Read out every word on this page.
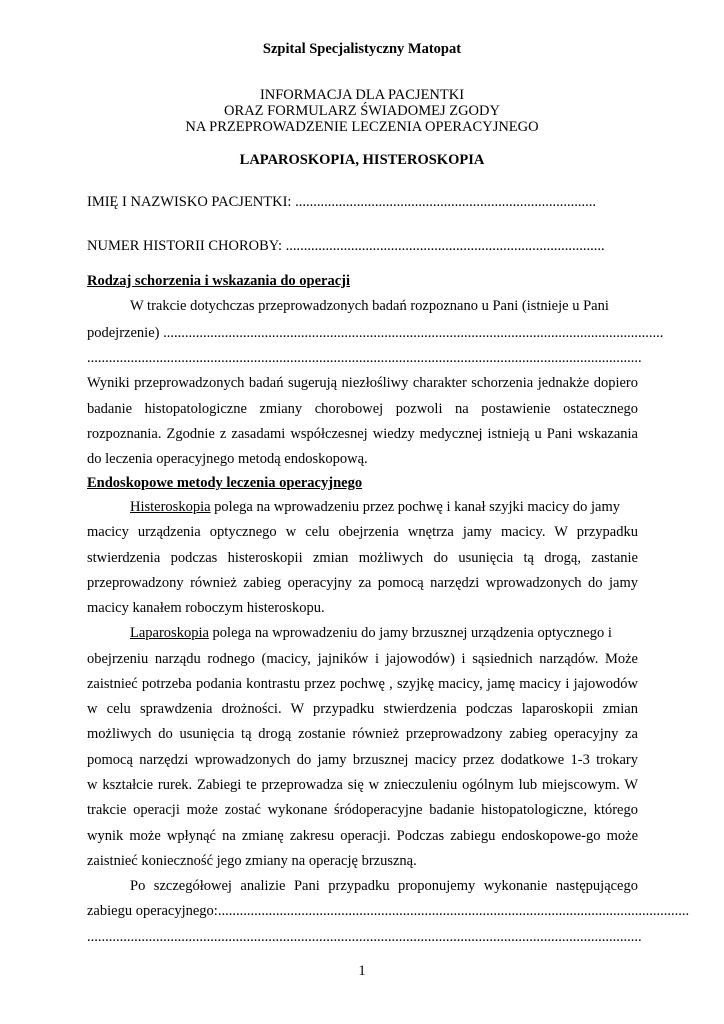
Szpital Specjalistyczny Matopat

INFORMACJA DLA PACJENTKI

ORAZ FORMULARZ ŚWIADOMEJ ZGODY

NA PRZEPROWADZENIE LECZENIA OPERACYJNEGO

LAPAROSKOPIA, HISTEROSKOPIA

IMIĘ I NAZWISKO PACJENTKI: ...................................................................................

NUMER HISTORII CHOROBY: ........................................................................................

Rodzaj schorzenia i wskazania do operacji

W trakcie dotychczas przeprowadzonych badań rozpoznano u Pani (istnieje u Pani

podejrzenie) ..........................................................................................................................................

.........................................................................................................................................................

Wyniki przeprowadzonych badań sugerują niezłośliwy charakter schorzenia jednakże dopiero

badanie histopatologiczne zmiany chorobowej pozwoli na postawienie ostatecznego

rozpoznania. Zgodnie z zasadami współczesnej wiedzy medycznej istnieją u Pani wskazania

do leczenia operacyjnego metodą endoskopową.

Endoskopowe metody leczenia operacyjnego

Histeroskopia polega na wprowadzeniu przez pochwę i kanał szyjki macicy do jamy

macicy urządzenia optycznego w celu obejrzenia wnętrza jamy macicy. W przypadku

stwierdzenia podczas histeroskopii zmian możliwych do usunięcia tą drogą, zastanie

przeprowadzony również zabieg operacyjny za pomocą narzędzi wprowadzonych do jamy

macicy kanałem roboczym histeroskopu.

Laparoskopia polega na wprowadzeniu do jamy brzusznej urządzenia optycznego i

obejrzeniu narządu rodnego (macicy, jajników i jajowodów) i sąsiednich narządów. Może

zaistnieć potrzeba podania kontrastu przez pochwę , szyjkę macicy, jamę macicy i jajowodów

w celu sprawdzenia drożności. W przypadku stwierdzenia podczas laparoskopii zmian

możliwych do usunięcia tą drogą zostanie również przeprowadzony zabieg operacyjny za

pomocą narzędzi wprowadzonych do jamy brzusznej macicy przez dodatkowe 1-3 trokary

w kształcie rurek. Zabiegi te przeprowadza się w znieczuleniu ogólnym lub miejscowym. W

trakcie operacji może zostać wykonane śródoperacyjne badanie histopatologiczne, którego

wynik może wpłynąć na zmianę zakresu operacji. Podczas zabiegu endoskopowe-go może

zaistnieć konieczność jego zmiany na operację brzuszną.

Po szczegółowej analizie Pani przypadku proponujemy wykonanie następującego

zabiegu operacyjnego:..................................................................................................................................

.........................................................................................................................................................

1
